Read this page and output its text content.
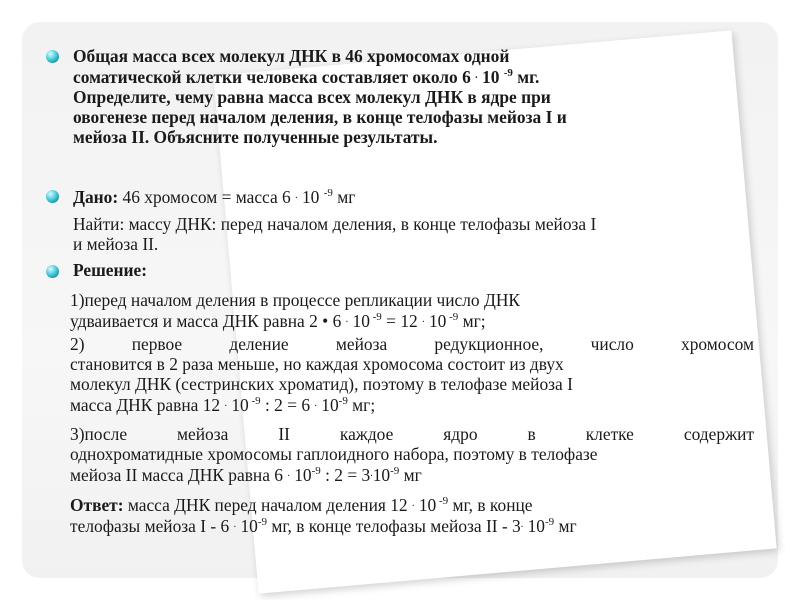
Общая масса всех молекул ДНК в 46 хромосомах одной
соматической клетки человека составляет около 6 . 10 $^{-9}$ мг.
Определите, чему равна масса всех молекул ДНК в ядре при
овогенезе перед началом деления, в конце телофазы мейоза I и
мейоза II. Объясните полученные результаты.
Дано: 46 хромосом = масса 6 . 10 $^{-9}$ мг
Найти: массу ДНК: перед началом деления, в конце телофазы мейоза I
и мейоза II.
Решение:
1)перед началом деления в процессе репликации число ДНК
удваивается и масса ДНК равна 2 • 6 . 10 $^{-9}$ = 12 . 10 $^{-9}$ мг;
2) первое деление мейоза редукционное, число хромосом
становится в 2 раза меньше, но каждая хромосома состоит из двух
молекул ДНК (сестринских хроматид), поэтому в телофазе мейоза I
масса ДНК равна 12 . 10 $^{-9}$ : 2 = 6 . $10^{-9}$ мг;
3)после мейоза II каждое ядро в клетке содержит
однохроматидные хромосомы гаплоидного набора, поэтому в телофазе
мейоза II масса ДНК равна 6 . $10^{-9}$ : $2 = 3^.10^{-9}$ мг
Ответ: масса ДНК перед началом деления 12 . 10 $^{-9}$ мг, в конце
телофазы мейоза I - 6 . $10^{-9}$ мг, в конце телофазы мейоза II - 3. $10^{-9}$ мг
